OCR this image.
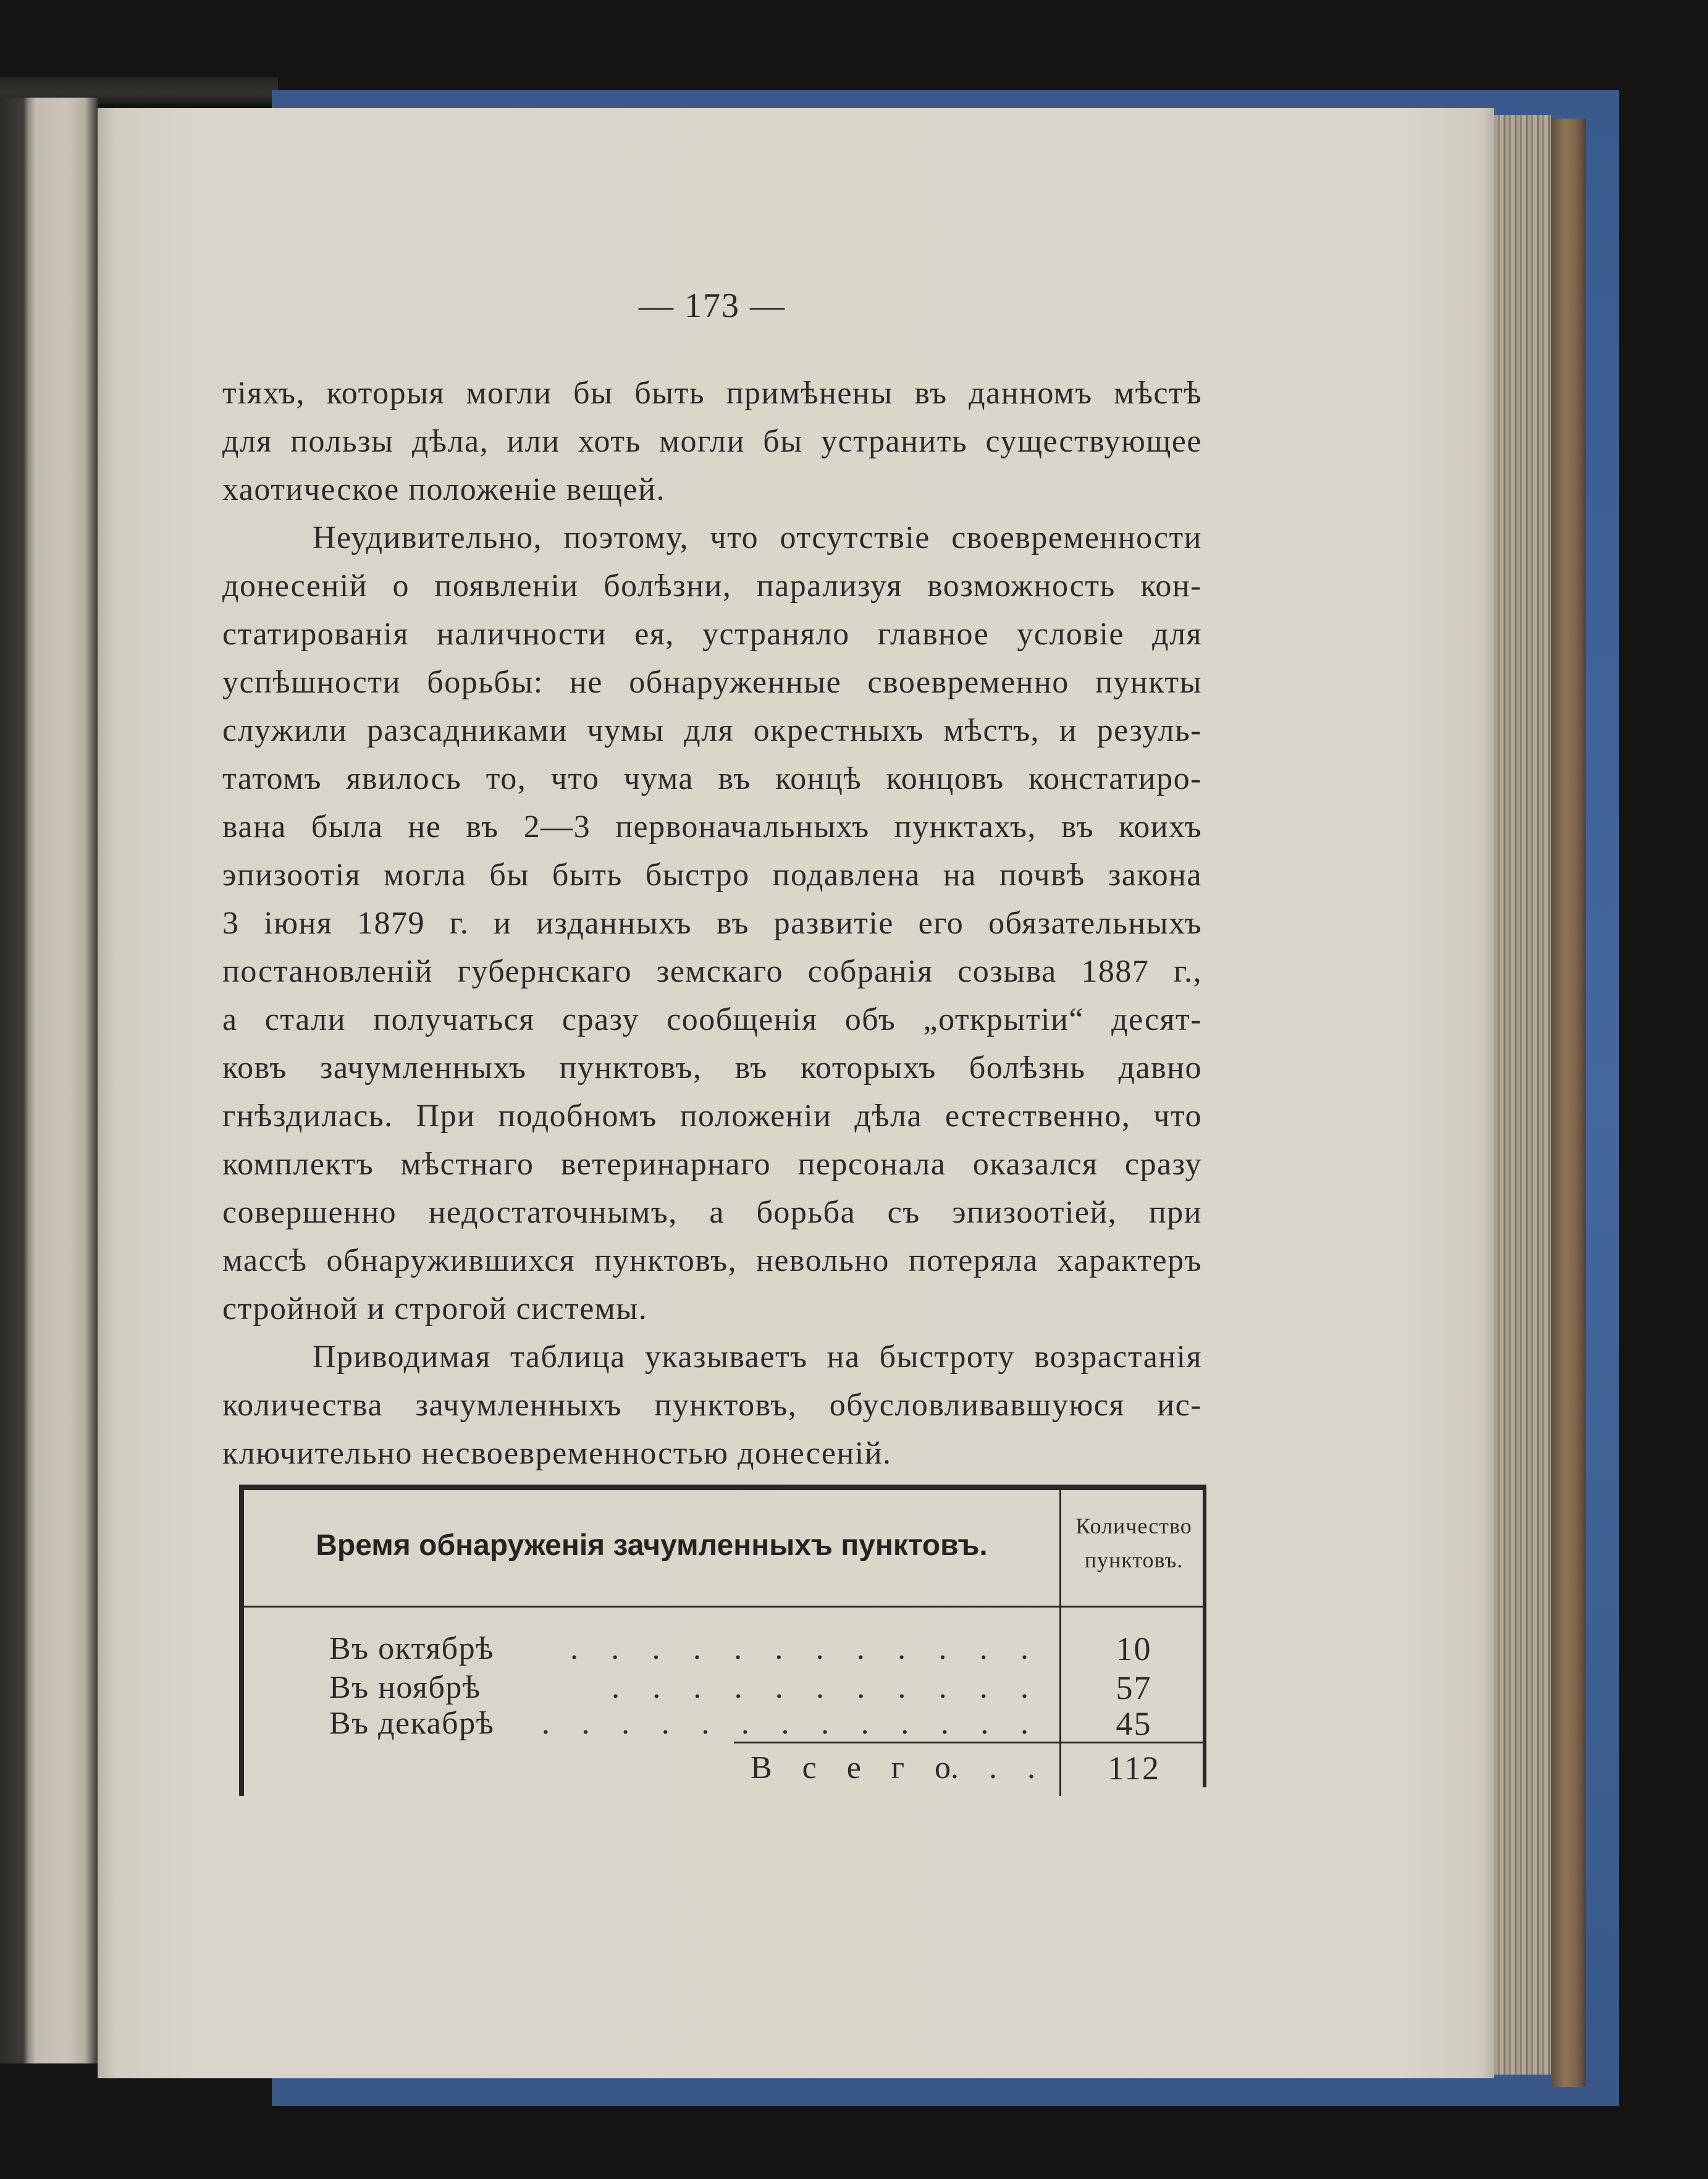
— 173 —
тіяхъ, которыя могли бы быть примѣнены въ данномъ мѣстѣ
для пользы дѣла, или хоть могли бы устранить существующее
хаотическое положеніе вещей.
Неудивительно, поэтому, что отсутствіе своевременности
донесеній о появленіи болѣзни, парализуя возможность кон-
статированія наличности ея, устраняло главное условіе для
успѣшности борьбы: не обнаруженные своевременно пункты
служили разсадниками чумы для окрестныхъ мѣстъ, и резуль-
татомъ явилось то, что чума въ концѣ концовъ констатиро-
вана была не въ 2—3 первоначальныхъ пунктахъ, въ коихъ
эпизоотія могла бы быть быстро подавлена на почвѣ закона
3 іюня 1879 г. и изданныхъ въ развитіе его обязательныхъ
постановленій губернскаго земскаго собранія созыва 1887 г.,
а стали получаться сразу сообщенія объ „открытіи“ десят-
ковъ зачумленныхъ пунктовъ, въ которыхъ болѣзнь давно
гнѣздилась. При подобномъ положеніи дѣла естественно, что
комплектъ мѣстнаго ветеринарнаго персонала оказался сразу
совершенно недостаточнымъ, а борьба съ эпизоотіей, при
массѣ обнаружившихся пунктовъ, невольно потеряла характеръ
стройной и строгой системы.
Приводимая таблица указываетъ на быстроту возрастанія
количества зачумленныхъ пунктовъ, обусловливавшуюся ис-
ключительно несвоевременностью донесеній.
Время обнаруженія зачумленныхъ пунктовъ.
Количество
пунктовъ.
Въ октябрѣ . . . . . . . . . . . .	10
Въ ноябрѣ	. . . . . . . . . . .	57
Въ декабрѣ . . . . . . . . . . . . .	45
В с е г о. . .	112
